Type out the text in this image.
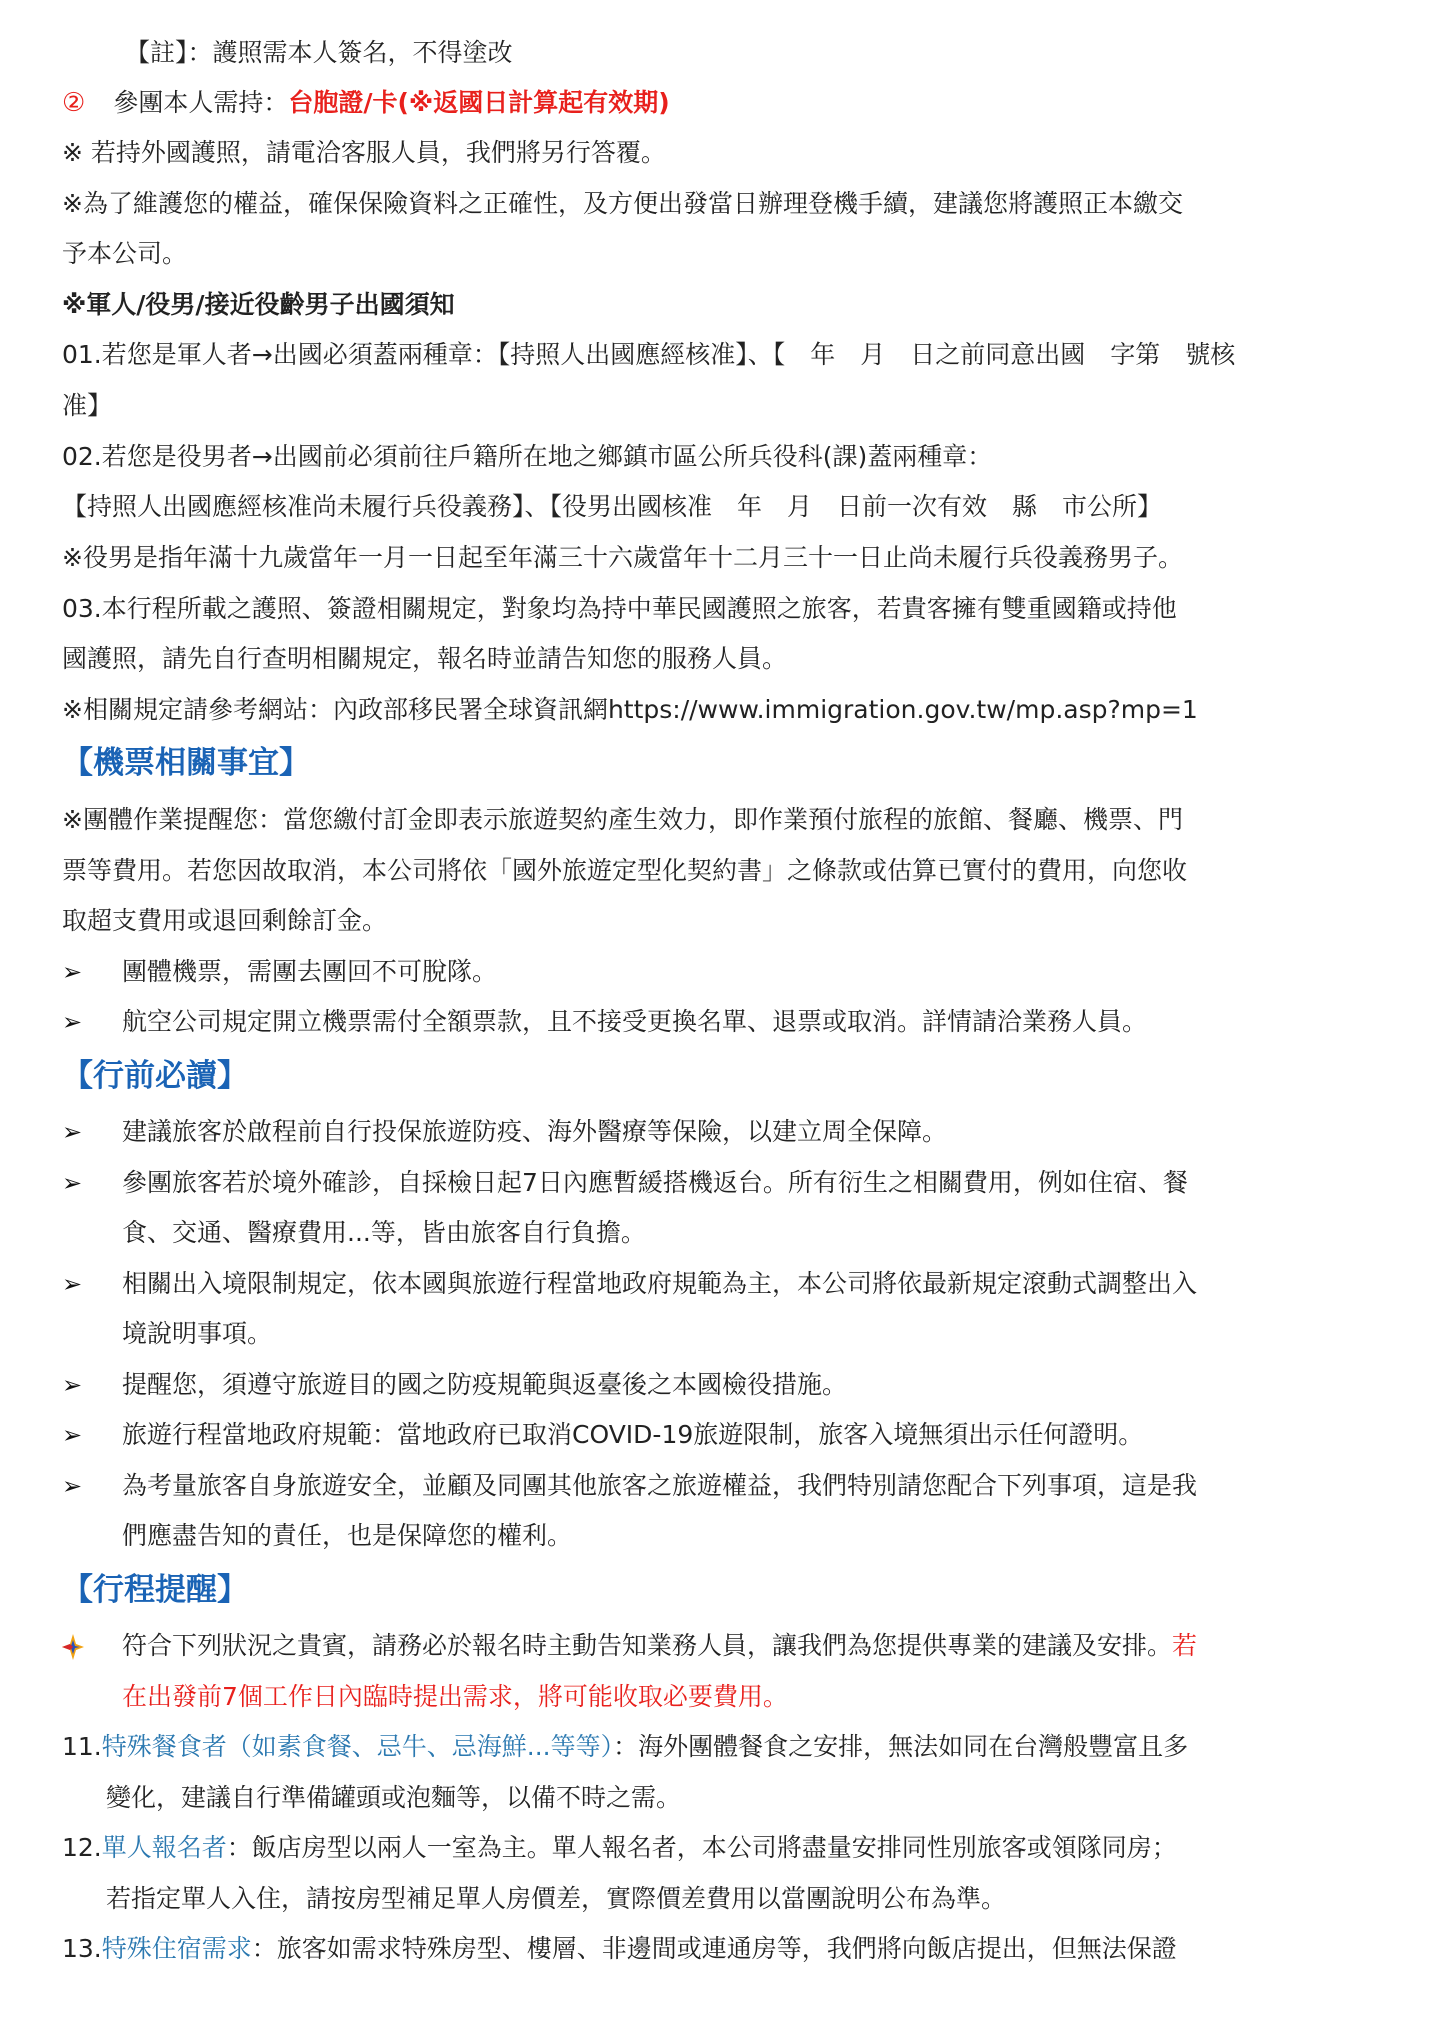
【註】：護照需本人簽名，不得塗改
② 參團本人需持：台胞證/卡(※返國日計算起有效期)
※ 若持外國護照，請電洽客服人員，我們將另行答覆。
※為了維護您的權益，確保保險資料之正確性，及方便出發當日辦理登機手續，建議您將護照正本繳交
予本公司。
※軍人/役男/接近役齡男子出國須知
01.若您是軍人者→出國必須蓋兩種章：【持照人出國應經核准】、【　年　月　日之前同意出國　字第　號核
准】
02.若您是役男者→出國前必須前往戶籍所在地之鄉鎮市區公所兵役科(課)蓋兩種章：
【持照人出國應經核准尚未履行兵役義務】、【役男出國核准　年　月　日前一次有效　縣　市公所】
※役男是指年滿十九歲當年一月一日起至年滿三十六歲當年十二月三十一日止尚未履行兵役義務男子。
03.本行程所載之護照、簽證相關規定，對象均為持中華民國護照之旅客，若貴客擁有雙重國籍或持他
國護照，請先自行查明相關規定，報名時並請告知您的服務人員。
※相關規定請參考網站：內政部移民署全球資訊網https://www.immigration.gov.tw/mp.asp?mp=1
【機票相關事宜】
※團體作業提醒您：當您繳付訂金即表示旅遊契約產生效力，即作業預付旅程的旅館、餐廳、機票、門
票等費用。若您因故取消，本公司將依「國外旅遊定型化契約書」之條款或估算已實付的費用，向您收
取超支費用或退回剩餘訂金。
➢ 團體機票，需團去團回不可脫隊。
➢ 航空公司規定開立機票需付全額票款，且不接受更換名單、退票或取消。詳情請洽業務人員。
【行前必讀】
➢ 建議旅客於啟程前自行投保旅遊防疫、海外醫療等保險，以建立周全保障。
➢ 參團旅客若於境外確診，自採檢日起7日內應暫緩搭機返台。所有衍生之相關費用，例如住宿、餐
食、交通、醫療費用...等，皆由旅客自行負擔。
➢ 相關出入境限制規定，依本國與旅遊行程當地政府規範為主，本公司將依最新規定滾動式調整出入
境說明事項。
➢ 提醒您，須遵守旅遊目的國之防疫規範與返臺後之本國檢役措施。
➢ 旅遊行程當地政府規範：當地政府已取消COVID-19旅遊限制，旅客入境無須出示任何證明。
➢ 為考量旅客自身旅遊安全，並顧及同團其他旅客之旅遊權益，我們特別請您配合下列事項，這是我
們應盡告知的責任，也是保障您的權利。
【行程提醒】
符合下列狀況之貴賓，請務必於報名時主動告知業務人員，讓我們為您提供專業的建議及安排。若
在出發前7個工作日內臨時提出需求，將可能收取必要費用。
11.特殊餐食者（如素食餐、忌牛、忌海鮮...等等）：海外團體餐食之安排，無法如同在台灣般豐富且多
變化，建議自行準備罐頭或泡麵等，以備不時之需。
12.單人報名者：飯店房型以兩人一室為主。單人報名者，本公司將盡量安排同性別旅客或領隊同房；
若指定單人入住，請按房型補足單人房價差，實際價差費用以當團說明公布為準。
13.特殊住宿需求：旅客如需求特殊房型、樓層、非邊間或連通房等，我們將向飯店提出，但無法保證
